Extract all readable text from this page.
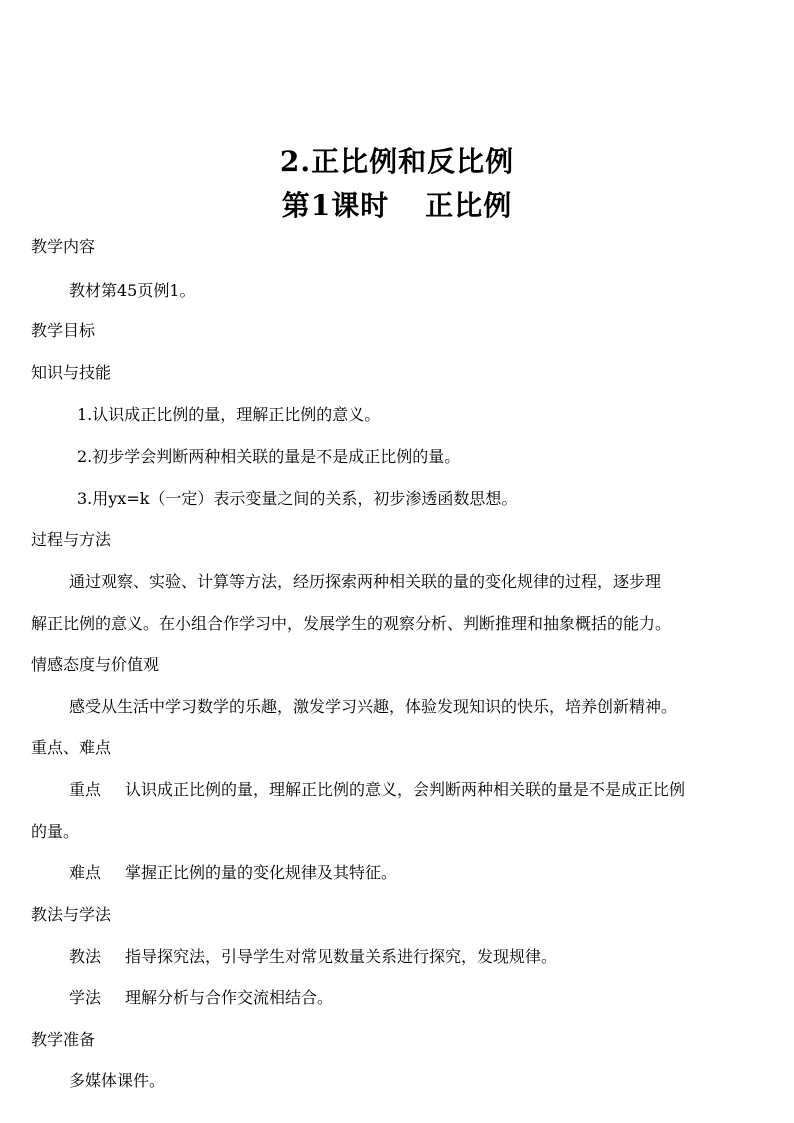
2.正比例和反比例
第1课时 正比例
教学内容
教材第45页例1。
教学目标
知识与技能
1.认识成正比例的量，理解正比例的意义。
2.初步学会判断两种相关联的量是不是成正比例的量。
3.用yx=k（一定）表示变量之间的关系，初步渗透函数思想。
过程与方法
通过观察、实验、计算等方法，经历探索两种相关联的量的变化规律的过程，逐步理
解正比例的意义。在小组合作学习中，发展学生的观察分析、判断推理和抽象概括的能力。
情感态度与价值观
感受从生活中学习数学的乐趣，激发学习兴趣，体验发现知识的快乐，培养创新精神。
重点、难点
重点 认识成正比例的量，理解正比例的意义，会判断两种相关联的量是不是成正比例
的量。
难点 掌握正比例的量的变化规律及其特征。
教法与学法
教法 指导探究法，引导学生对常见数量关系进行探究，发现规律。
学法 理解分析与合作交流相结合。
教学准备
多媒体课件。
